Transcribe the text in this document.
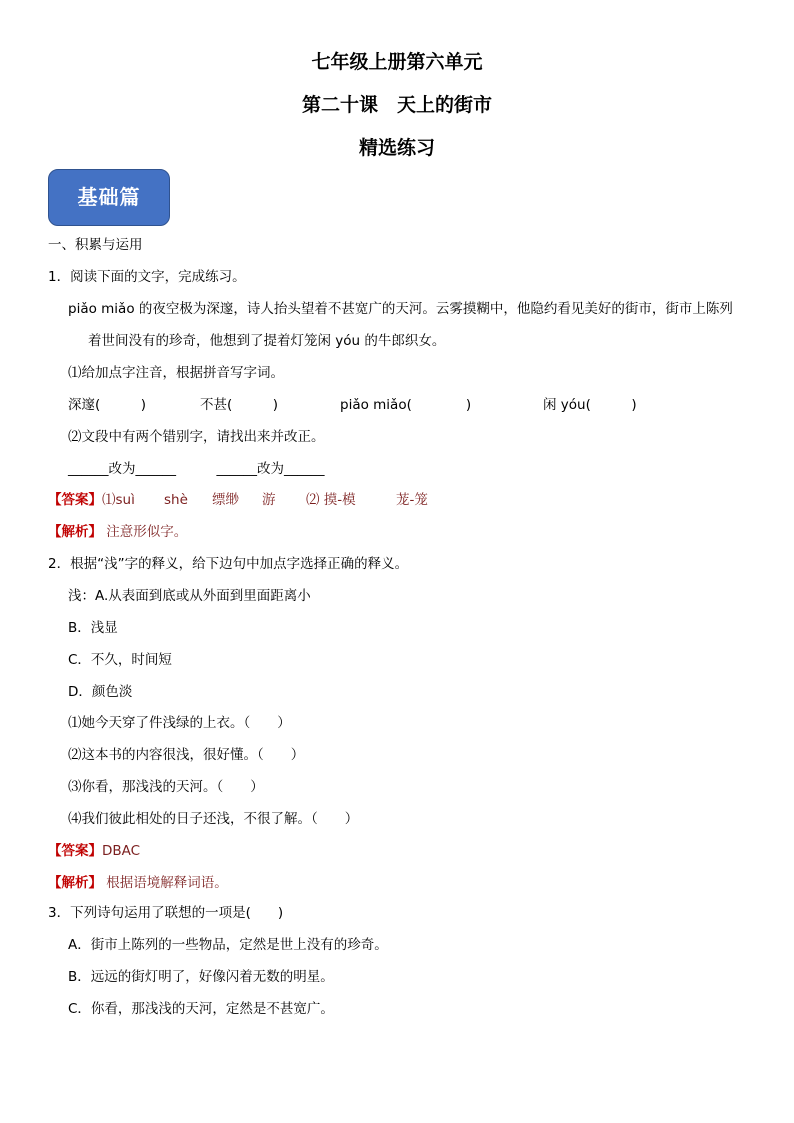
七年级上册第六单元
第二十课　天上的街市
精选练习
基础篇
一、积累与运用
1．阅读下面的文字，完成练习。
piǎo miǎo 的夜空极为深邃，诗人抬头望着不甚宽广的天河。云雾摸糊中，他隐约看见美好的街市，街市上陈列
着世间没有的珍奇，他想到了提着灯笼闲 yóu 的牛郎织女。
⑴给加点字注音，根据拼音写字词。
深邃(　　　)	不甚(　　　)	piǎo miǎo(　　　　)	闲 yóu(　　　)
⑵文段中有两个错别字，请找出来并改正。
______改为______　　　______改为______
【答案】⑴suì shè 缥缈 游 ⑵ 摸-模	茏-笼
【解析】 注意形似字。
2．根据“浅”字的释义，给下边句中加点字选择正确的释义。
浅：A.从表面到底或从外面到里面距离小
B．浅显
C．不久，时间短
D．颜色淡
⑴她今天穿了件浅绿的上衣。（　　）
⑵这本书的内容很浅，很好懂。（　　）
⑶你看，那浅浅的天河。（　　）
⑷我们彼此相处的日子还浅，不很了解。（　　）
【答案】DBAC
【解析】 根据语境解释词语。
3．下列诗句运用了联想的一项是(　　)
A．街市上陈列的一些物品，定然是世上没有的珍奇。
B．远远的街灯明了，好像闪着无数的明星。
C．你看，那浅浅的天河，定然是不甚宽广。
